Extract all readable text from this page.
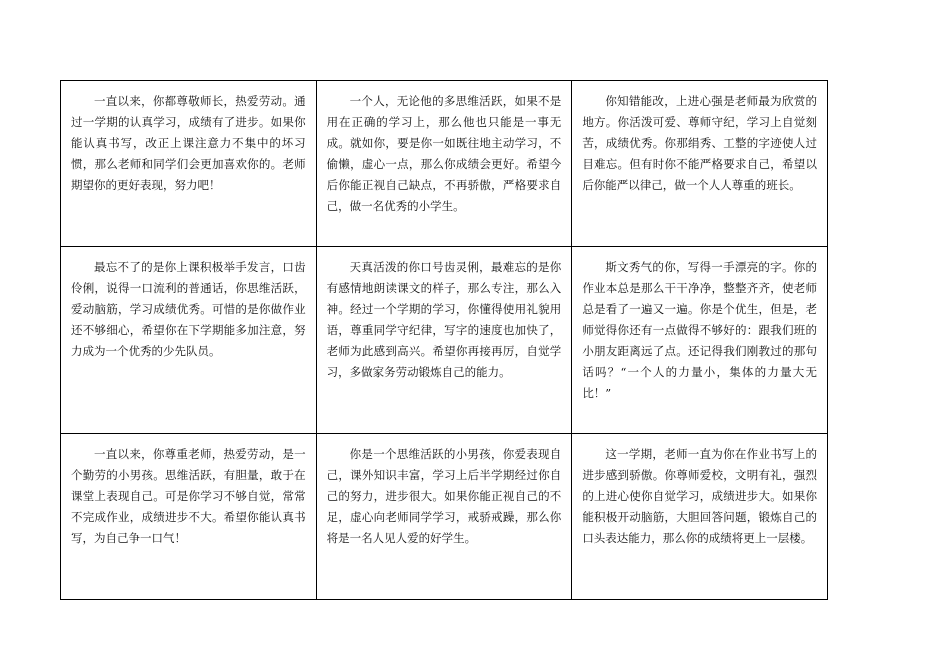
一直以来，你都尊敬师长，热爱劳动。通过一学期的认真学习，成绩有了进步。如果你能认真书写，改正上课注意力不集中的坏习惯，那么老师和同学们会更加喜欢你的。老师期望你的更好表现，努力吧！	一个人，无论他的多思维活跃，如果不是用在正确的学习上，那么他也只能是一事无成。就如你，要是你一如既往地主动学习，不偷懒，虚心一点，那么你成绩会更好。希望今后你能正视自己缺点，不再骄傲，严格要求自己，做一名优秀的小学生。	你知错能改，上进心强是老师最为欣赏的地方。你活泼可爱、尊师守纪，学习上自觉刻苦，成绩优秀。你那绢秀、工整的字迹使人过目难忘。但有时你不能严格要求自己，希望以后你能严以律己，做一个人人尊重的班长。

最忘不了的是你上课积极举手发言，口齿伶俐，说得一口流利的普通话，你思维活跃，爱动脑筋，学习成绩优秀。可惜的是你做作业还不够细心，希望你在下学期能多加注意，努力成为一个优秀的少先队员。	天真活泼的你口号齿灵俐，最难忘的是你有感情地朗读课文的样子，那么专注，那么入神。经过一个学期的学习，你懂得使用礼貌用语，尊重同学守纪律，写字的速度也加快了，老师为此感到高兴。希望你再接再厉，自觉学习，多做家务劳动锻炼自己的能力。	斯文秀气的你，写得一手漂亮的字。你的作业本总是那么干干净净，整整齐齐，使老师总是看了一遍又一遍。你是个优生，但是，老师觉得你还有一点做得不够好的：跟我们班的小朋友距离远了点。还记得我们刚教过的那句话吗？“一个人的力量小，集体的力量大无比！”

一直以来，你尊重老师，热爱劳动，是一个勤劳的小男孩。思维活跃，有胆量，敢于在课堂上表现自己。可是你学习不够自觉，常常不完成作业，成绩进步不大。希望你能认真书写，为自己争一口气！	你是一个思维活跃的小男孩，你爱表现自己，课外知识丰富，学习上后半学期经过你自己的努力，进步很大。如果你能正视自己的不足，虚心向老师同学学习，戒骄戒躁，那么你将是一名人见人爱的好学生。	这一学期，老师一直为你在作业书写上的进步感到骄傲。你尊师爱校，文明有礼，强烈的上进心使你自觉学习，成绩进步大。如果你能积极开动脑筋，大胆回答问题，锻炼自己的口头表达能力，那么你的成绩将更上一层楼。
